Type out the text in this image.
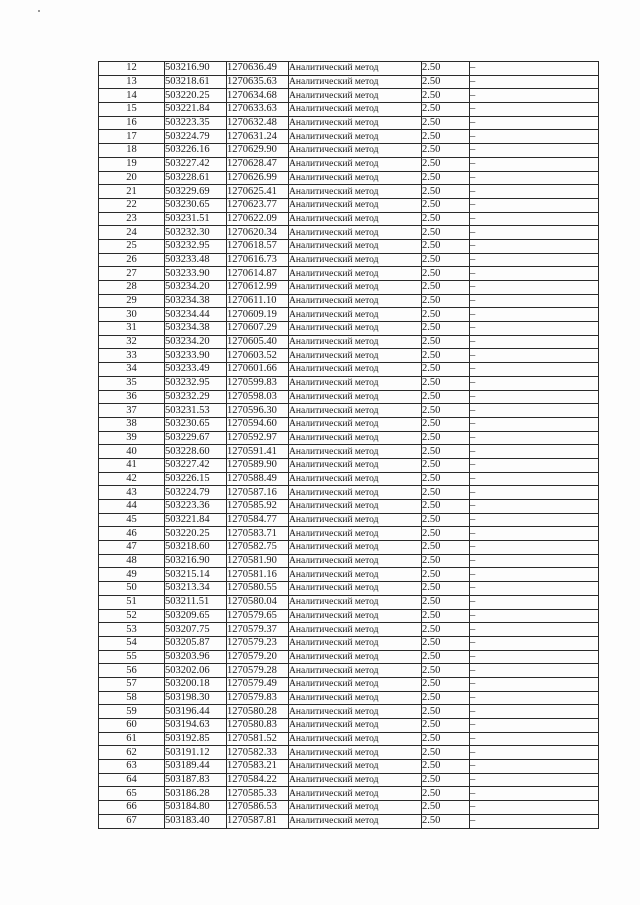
12	503216.90	1270636.49	Аналитический метод	2.50	–
13	503218.61	1270635.63	Аналитический метод	2.50	–
14	503220.25	1270634.68	Аналитический метод	2.50	–
15	503221.84	1270633.63	Аналитический метод	2.50	–
16	503223.35	1270632.48	Аналитический метод	2.50	–
17	503224.79	1270631.24	Аналитический метод	2.50	–
18	503226.16	1270629.90	Аналитический метод	2.50	–
19	503227.42	1270628.47	Аналитический метод	2.50	–
20	503228.61	1270626.99	Аналитический метод	2.50	–
21	503229.69	1270625.41	Аналитический метод	2.50	–
22	503230.65	1270623.77	Аналитический метод	2.50	–
23	503231.51	1270622.09	Аналитический метод	2.50	–
24	503232.30	1270620.34	Аналитический метод	2.50	–
25	503232.95	1270618.57	Аналитический метод	2.50	–
26	503233.48	1270616.73	Аналитический метод	2.50	–
27	503233.90	1270614.87	Аналитический метод	2.50	–
28	503234.20	1270612.99	Аналитический метод	2.50	–
29	503234.38	1270611.10	Аналитический метод	2.50	–
30	503234.44	1270609.19	Аналитический метод	2.50	–
31	503234.38	1270607.29	Аналитический метод	2.50	–
32	503234.20	1270605.40	Аналитический метод	2.50	–
33	503233.90	1270603.52	Аналитический метод	2.50	–
34	503233.49	1270601.66	Аналитический метод	2.50	–
35	503232.95	1270599.83	Аналитический метод	2.50	–
36	503232.29	1270598.03	Аналитический метод	2.50	–
37	503231.53	1270596.30	Аналитический метод	2.50	–
38	503230.65	1270594.60	Аналитический метод	2.50	–
39	503229.67	1270592.97	Аналитический метод	2.50	–
40	503228.60	1270591.41	Аналитический метод	2.50	–
41	503227.42	1270589.90	Аналитический метод	2.50	–
42	503226.15	1270588.49	Аналитический метод	2.50	–
43	503224.79	1270587.16	Аналитический метод	2.50	–
44	503223.36	1270585.92	Аналитический метод	2.50	–
45	503221.84	1270584.77	Аналитический метод	2.50	–
46	503220.25	1270583.71	Аналитический метод	2.50	–
47	503218.60	1270582.75	Аналитический метод	2.50	–
48	503216.90	1270581.90	Аналитический метод	2.50	–
49	503215.14	1270581.16	Аналитический метод	2.50	–
50	503213.34	1270580.55	Аналитический метод	2.50	–
51	503211.51	1270580.04	Аналитический метод	2.50	–
52	503209.65	1270579.65	Аналитический метод	2.50	–
53	503207.75	1270579.37	Аналитический метод	2.50	–
54	503205.87	1270579.23	Аналитический метод	2.50	–
55	503203.96	1270579.20	Аналитический метод	2.50	–
56	503202.06	1270579.28	Аналитический метод	2.50	–
57	503200.18	1270579.49	Аналитический метод	2.50	–
58	503198.30	1270579.83	Аналитический метод	2.50	–
59	503196.44	1270580.28	Аналитический метод	2.50	–
60	503194.63	1270580.83	Аналитический метод	2.50	–
61	503192.85	1270581.52	Аналитический метод	2.50	–
62	503191.12	1270582.33	Аналитический метод	2.50	–
63	503189.44	1270583.21	Аналитический метод	2.50	–
64	503187.83	1270584.22	Аналитический метод	2.50	–
65	503186.28	1270585.33	Аналитический метод	2.50	–
66	503184.80	1270586.53	Аналитический метод	2.50	–
67	503183.40	1270587.81	Аналитический метод	2.50	–
